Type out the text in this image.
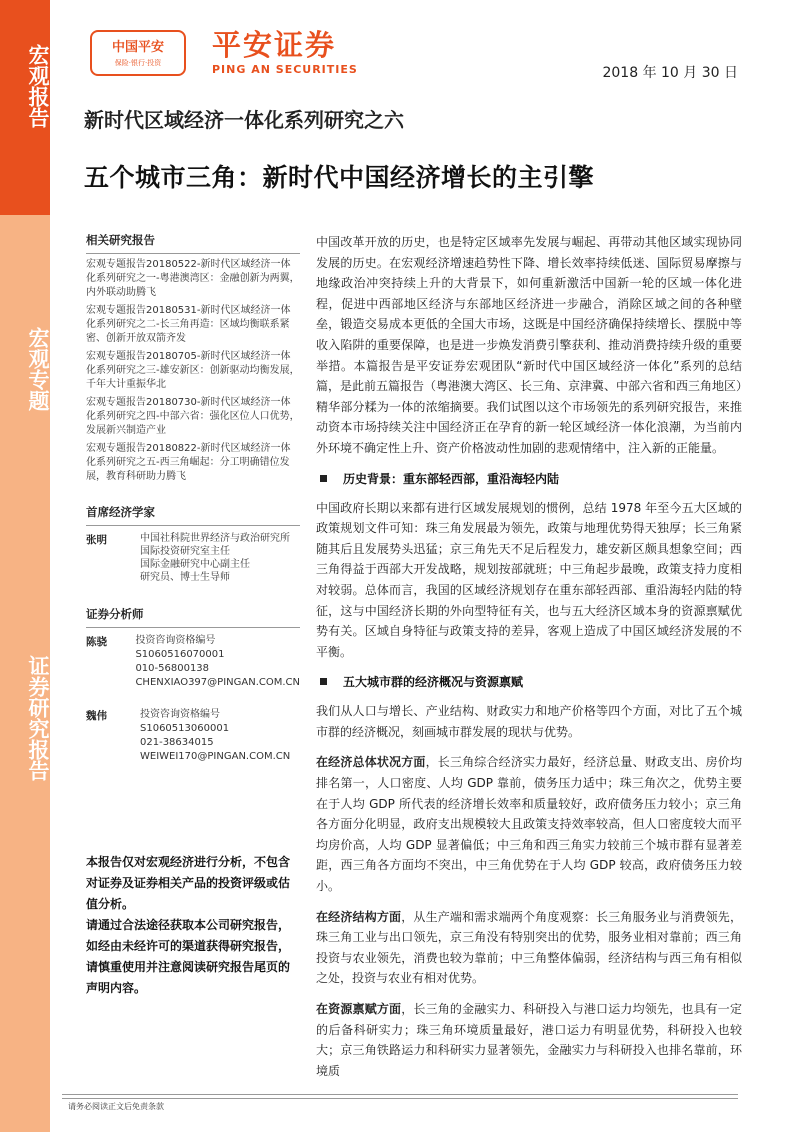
宏观报告
宏观专题
证券研究报告
中国平安
保险·银行·投资
平安证券
PING AN SECURITIES	2018 年 10 月 30 日
新时代区域经济一体化系列研究之六
五个城市三角：新时代中国经济增长的主引擎
相关研究报告
宏观专题报告20180522-新时代区域经济一体化系列研究之一-粤港澳湾区：金融创新为两翼，内外联动助腾飞
宏观专题报告20180531-新时代区域经济一体化系列研究之二-长三角再造：区域均衡联系紧密、创新开放双箭齐发
宏观专题报告20180705-新时代区域经济一体化系列研究之三-雄安新区：创新驱动均衡发展，千年大计重振华北
宏观专题报告20180730-新时代区域经济一体化系列研究之四-中部六省：强化区位人口优势，发展新兴制造产业
宏观专题报告20180822-新时代区域经济一体化系列研究之五-西三角崛起：分工明确错位发展，教育科研助力腾飞
首席经济学家
张明	中国社科院世界经济与政治研究所
国际投资研究室主任
国际金融研究中心副主任
研究员、博士生导师
证券分析师
陈骁	投资咨询资格编号
S1060516070001
010-56800138
CHENXIAO397@PINGAN.COM.CN
魏伟	投资咨询资格编号
S1060513060001
021-38634015
WEIWEI170@PINGAN.COM.CN
本报告仅对宏观经济进行分析，不包含对证券及证券相关产品的投资评级或估值分析。
请通过合法途径获取本公司研究报告，如经由未经许可的渠道获得研究报告，请慎重使用并注意阅读研究报告尾页的声明内容。

中国改革开放的历史，也是特定区域率先发展与崛起、再带动其他区域实现协同发展的历史。在宏观经济增速趋势性下降、增长效率持续低迷、国际贸易摩擦与地缘政治冲突持续上升的大背景下，如何重新激活中国新一轮的区域一体化进程，促进中西部地区经济与东部地区经济进一步融合，消除区域之间的各种壁垒，锻造交易成本更低的全国大市场，这既是中国经济确保持续增长、摆脱中等收入陷阱的重要保障，也是进一步焕发消费引擎获利、推动消费持续升级的重要举措。本篇报告是平安证券宏观团队“新时代中国区域经济一体化”系列的总结篇，是此前五篇报告（粤港澳大湾区、长三角、京津冀、中部六省和西三角地区）精华部分糅为一体的浓缩摘要。我们试图以这个市场领先的系列研究报告，来推动资本市场持续关注中国经济正在孕育的新一轮区域经济一体化浪潮，为当前内外环境不确定性上升、资产价格波动性加剧的悲观情绪中，注入新的正能量。

历史背景：重东部轻西部，重沿海轻内陆

中国政府长期以来都有进行区域发展规划的惯例，总结 1978 年至今五大区域的政策规划文件可知：珠三角发展最为领先，政策与地理优势得天独厚；长三角紧随其后且发展势头迅猛；京三角先天不足后程发力，雄安新区颇具想象空间；西三角得益于西部大开发战略，规划按部就班；中三角起步最晚，政策支持力度相对较弱。总体而言，我国的区域经济规划存在重东部轻西部、重沿海轻内陆的特征，这与中国经济长期的外向型特征有关，也与五大经济区域本身的资源禀赋优势有关。区域自身特征与政策支持的差异，客观上造成了中国区域经济发展的不平衡。

五大城市群的经济概况与资源禀赋

我们从人口与增长、产业结构、财政实力和地产价格等四个方面，对比了五个城市群的经济概况，刻画城市群发展的现状与优势。

在经济总体状况方面，长三角综合经济实力最好，经济总量、财政支出、房价均排名第一，人口密度、人均 GDP 靠前，债务压力适中；珠三角次之，优势主要在于人均 GDP 所代表的经济增长效率和质量较好，政府债务压力较小；京三角各方面分化明显，政府支出规模较大且政策支持效率较高，但人口密度较大而平均房价高，人均 GDP 显著偏低；中三角和西三角实力较前三个城市群有显著差距，西三角各方面均不突出，中三角优势在于人均 GDP 较高，政府债务压力较小。

在经济结构方面，从生产端和需求端两个角度观察：长三角服务业与消费领先，珠三角工业与出口领先，京三角没有特别突出的优势，服务业相对靠前；西三角投资与农业领先，消费也较为靠前；中三角整体偏弱，经济结构与西三角有相似之处，投资与农业有相对优势。

在资源禀赋方面，长三角的金融实力、科研投入与港口运力均领先，也具有一定的后备科研实力；珠三角环境质量最好，港口运力有明显优势，科研投入也较大；京三角铁路运力和科研实力显著领先，金融实力与科研投入也排名靠前，环境质

请务必阅读正文后免责条款
